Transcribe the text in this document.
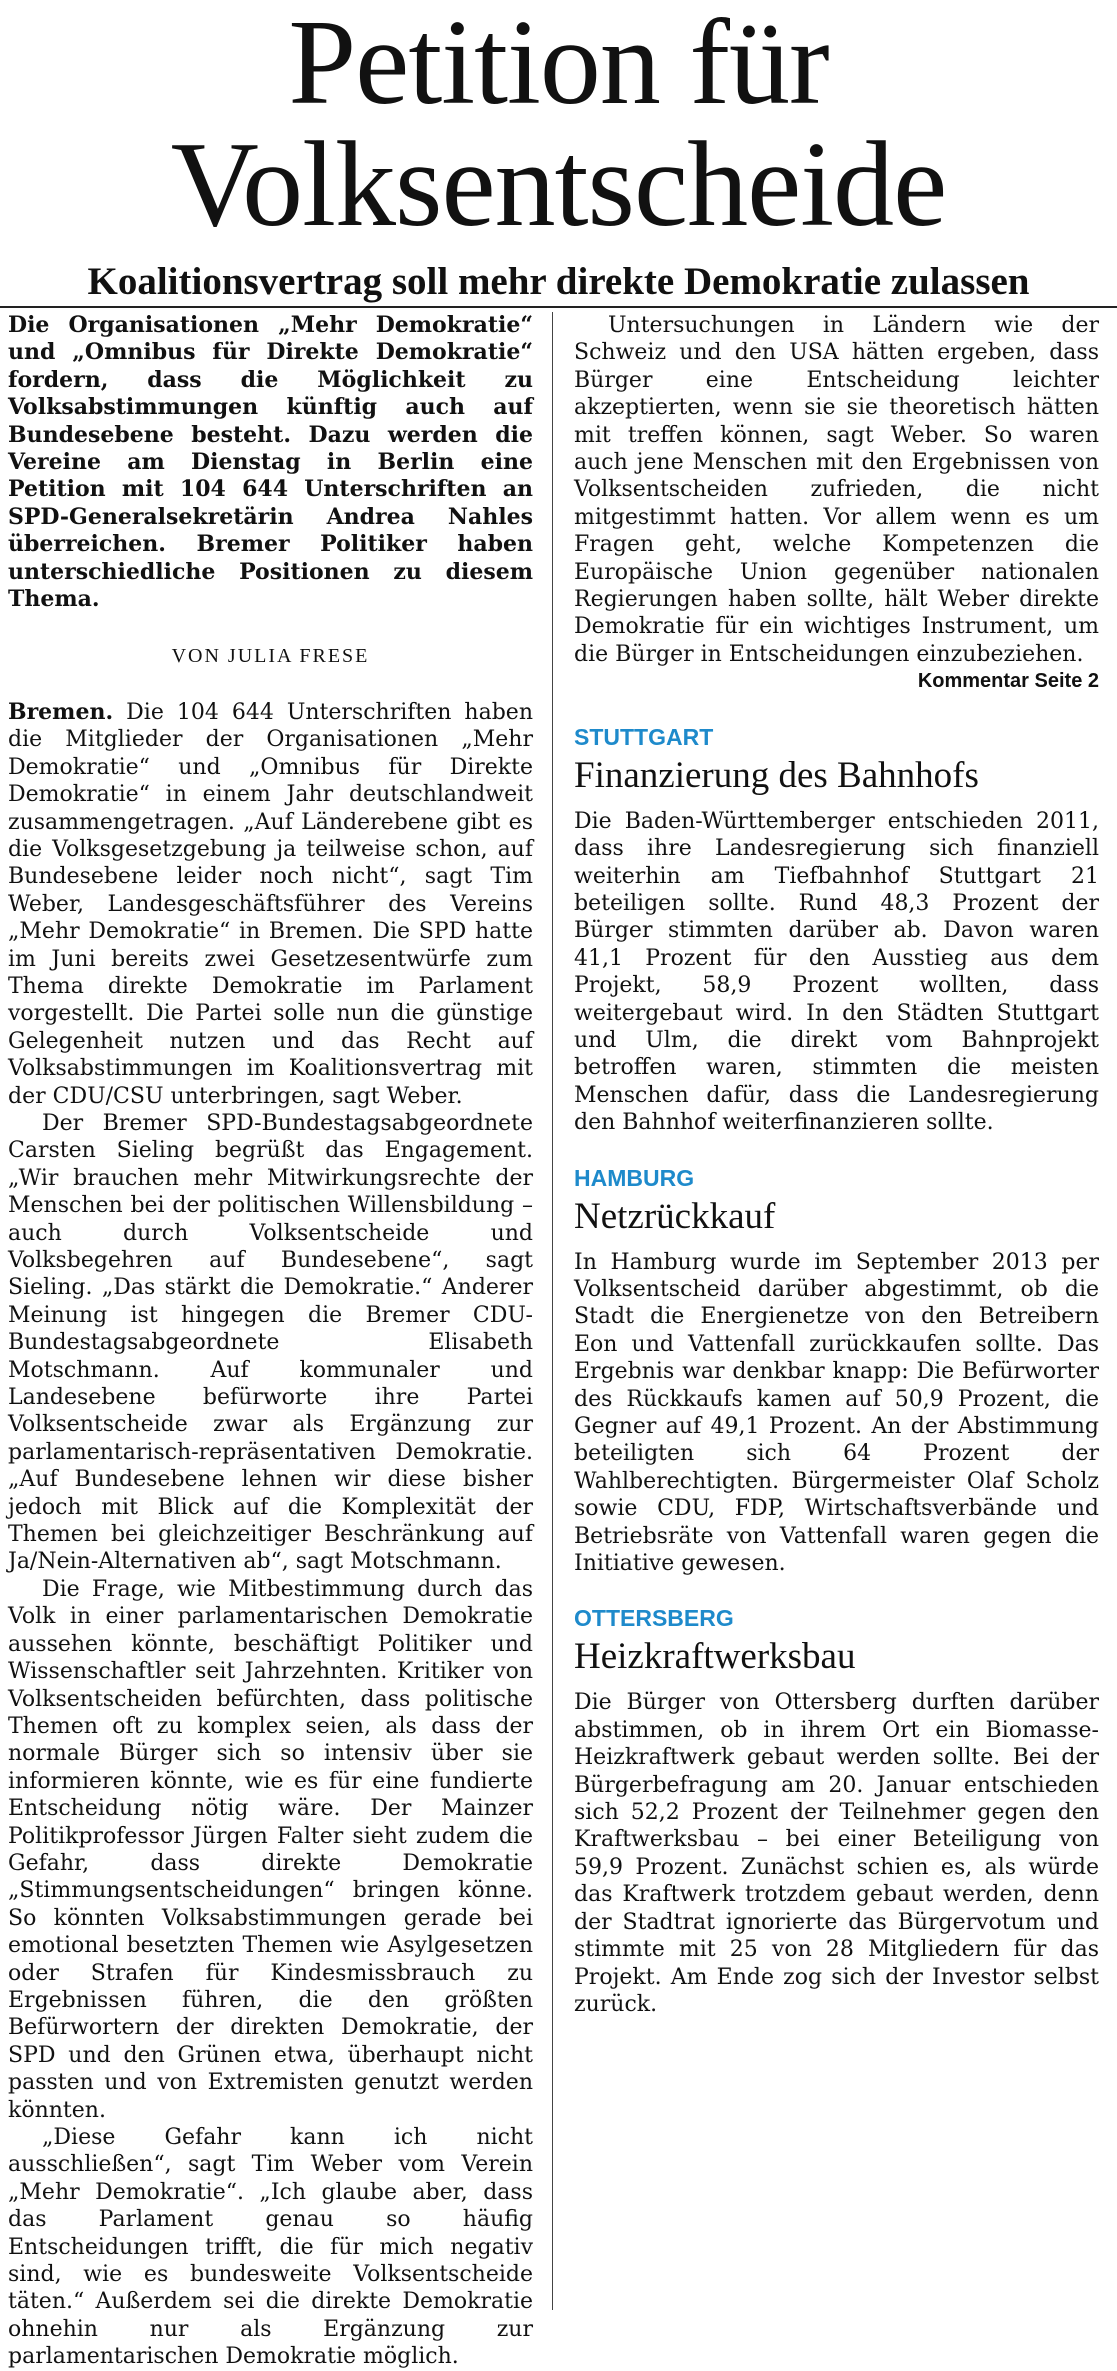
Petition für
Volksentscheide
Koalitionsvertrag soll mehr direkte Demokratie zulassen

Die Organisationen „Mehr Demokratie“ und „Omnibus für Direkte Demokratie“ fordern, dass die Möglichkeit zu Volksabstimmungen künftig auch auf Bundesebene besteht. Dazu werden die Vereine am Dienstag in Berlin eine Petition mit 104 644 Unterschriften an SPD-Generalsekretärin Andrea Nahles überreichen. Bremer Politiker haben unterschiedliche Positionen zu diesem Thema.

VON JULIA FRESE

Bremen. Die 104 644 Unterschriften haben die Mitglieder der Organisationen „Mehr Demokratie“ und „Omnibus für Direkte Demokratie“ in einem Jahr deutschlandweit zusammengetragen. „Auf Länderebene gibt es die Volksgesetzgebung ja teilweise schon, auf Bundesebene leider noch nicht“, sagt Tim Weber, Landesgeschäftsführer des Vereins „Mehr Demokratie“ in Bremen. Die SPD hatte im Juni bereits zwei Gesetzesentwürfe zum Thema direkte Demokratie im Parlament vorgestellt. Die Partei solle nun die günstige Gelegenheit nutzen und das Recht auf Volksabstimmungen im Koalitionsvertrag mit der CDU/CSU unterbringen, sagt Weber.

Der Bremer SPD-Bundestagsabgeordnete Carsten Sieling begrüßt das Engagement. „Wir brauchen mehr Mitwirkungsrechte der Menschen bei der politischen Willensbildung – auch durch Volksentscheide und Volksbegehren auf Bundesebene“, sagt Sieling. „Das stärkt die Demokratie.“ Anderer Meinung ist hingegen die Bremer CDU-Bundestagsabgeordnete Elisabeth Motschmann. Auf kommunaler und Landesebene befürworte ihre Partei Volksentscheide zwar als Ergänzung zur parlamentarisch-repräsentativen Demokratie. „Auf Bundesebene lehnen wir diese bisher jedoch mit Blick auf die Komplexität der Themen bei gleichzeitiger Beschränkung auf Ja/Nein-Alternativen ab“, sagt Motschmann.

Die Frage, wie Mitbestimmung durch das Volk in einer parlamentarischen Demokratie aussehen könnte, beschäftigt Politiker und Wissenschaftler seit Jahrzehnten. Kritiker von Volksentscheiden befürchten, dass politische Themen oft zu komplex seien, als dass der normale Bürger sich so intensiv über sie informieren könnte, wie es für eine fundierte Entscheidung nötig wäre. Der Mainzer Politikprofessor Jürgen Falter sieht zudem die Gefahr, dass direkte Demokratie „Stimmungsentscheidungen“ bringen könne. So könnten Volksabstimmungen gerade bei emotional besetzten Themen wie Asylgesetzen oder Strafen für Kindesmissbrauch zu Ergebnissen führen, die den größten Befürwortern der direkten Demokratie, der SPD und den Grünen etwa, überhaupt nicht passten und von Extremisten genutzt werden könnten.

„Diese Gefahr kann ich nicht ausschließen“, sagt Tim Weber vom Verein „Mehr Demokratie“. „Ich glaube aber, dass das Parlament genau so häufig Entscheidungen trifft, die für mich negativ sind, wie es bundesweite Volksentscheide täten.“ Außerdem sei die direkte Demokratie ohnehin nur als Ergänzung zur parlamentarischen Demokratie möglich.

Untersuchungen in Ländern wie der Schweiz und den USA hätten ergeben, dass Bürger eine Entscheidung leichter akzeptierten, wenn sie sie theoretisch hätten mit treffen können, sagt Weber. So waren auch jene Menschen mit den Ergebnissen von Volksentscheiden zufrieden, die nicht mitgestimmt hatten. Vor allem wenn es um Fragen geht, welche Kompetenzen die Europäische Union gegenüber nationalen Regierungen haben sollte, hält Weber direkte Demokratie für ein wichtiges Instrument, um die Bürger in Entscheidungen einzubeziehen.
Kommentar Seite 2

STUTTGART
Finanzierung des Bahnhofs

Die Baden-Württemberger entschieden 2011, dass ihre Landesregierung sich finanziell weiterhin am Tiefbahnhof Stuttgart 21 beteiligen sollte. Rund 48,3 Prozent der Bürger stimmten darüber ab. Davon waren 41,1 Prozent für den Ausstieg aus dem Projekt, 58,9 Prozent wollten, dass weitergebaut wird. In den Städten Stuttgart und Ulm, die direkt vom Bahnprojekt betroffen waren, stimmten die meisten Menschen dafür, dass die Landesregierung den Bahnhof weiterfinanzieren sollte.

HAMBURG
Netzrückkauf

In Hamburg wurde im September 2013 per Volksentscheid darüber abgestimmt, ob die Stadt die Energienetze von den Betreibern Eon und Vattenfall zurückkaufen sollte. Das Ergebnis war denkbar knapp: Die Befürworter des Rückkaufs kamen auf 50,9 Prozent, die Gegner auf 49,1 Prozent. An der Abstimmung beteiligten sich 64 Prozent der Wahlberechtigten. Bürgermeister Olaf Scholz sowie CDU, FDP, Wirtschaftsverbände und Betriebsräte von Vattenfall waren gegen die Initiative gewesen.

OTTERSBERG
Heizkraftwerksbau

Die Bürger von Ottersberg durften darüber abstimmen, ob in ihrem Ort ein Biomasse-Heizkraftwerk gebaut werden sollte. Bei der Bürgerbefragung am 20. Januar entschieden sich 52,2 Prozent der Teilnehmer gegen den Kraftwerksbau – bei einer Beteiligung von 59,9 Prozent. Zunächst schien es, als würde das Kraftwerk trotzdem gebaut werden, denn der Stadtrat ignorierte das Bürgervotum und stimmte mit 25 von 28 Mitgliedern für das Projekt. Am Ende zog sich der Investor selbst zurück.
